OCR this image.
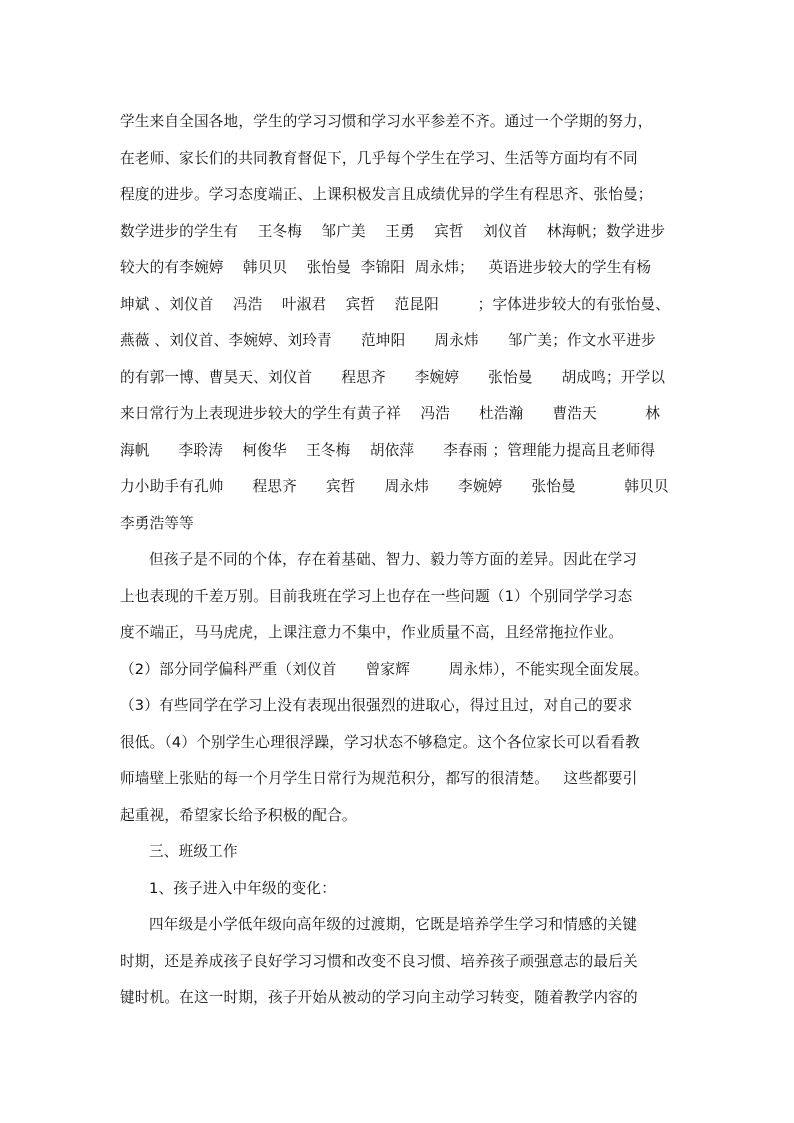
学生来自全国各地，学生的学习习惯和学习水平参差不齐。通过一个学期的努力，
在老师、家长们的共同教育督促下，几乎每个学生在学习、生活等方面均有不同
程度的进步。学习态度端正、上课积极发言且成绩优异的学生有程思齐、张怡曼；
数学进步的学生有    王冬梅    邹广美    王勇    宾哲    刘仪首    林海帆；数学进步
较大的有李婉婷    韩贝贝    张怡曼  李锦阳  周永炜；   英语进步较大的学生有杨
坤斌 、刘仪首    冯浩    叶淑君    宾哲    范昆阳        ；字体进步较大的有张怡曼、
燕薇 、刘仪首、李婉婷、刘玲青      范坤阳      周永炜      邹广美；作文水平进步
的有郭一博、曹昊天、刘仪首      程思齐      李婉婷      张怡曼      胡成鸣；开学以
来日常行为上表现进步较大的学生有黄子祥    冯浩      杜浩瀚      曹浩天          林
海帆      李聆涛    柯俊华    王冬梅    胡依萍      李春雨 ；管理能力提高且老师得
力小助手有孔帅      程思齐      宾哲      周永炜      李婉婷      张怡曼          韩贝贝
李勇浩等等
但孩子是不同的个体，存在着基础、智力、毅力等方面的差异。因此在学习
上也表现的千差万别。目前我班在学习上也存在一些问题（1）个别同学学习态
度不端正，马马虎虎，上课注意力不集中，作业质量不高，且经常拖拉作业。
（2）部分同学偏科严重（刘仪首      曾家辉        周永炜），不能实现全面发展。
（3）有些同学在学习上没有表现出很强烈的进取心，得过且过，对自己的要求
很低。（4）个别学生心理很浮躁，学习状态不够稳定。这个各位家长可以看看教
师墙壁上张贴的每一个月学生日常行为规范积分，都写的很清楚。   这些都要引
起重视，希望家长给予积极的配合。
三、班级工作
1、孩子进入中年级的变化：
四年级是小学低年级向高年级的过渡期，它既是培养学生学习和情感的关键
时期，还是养成孩子良好学习习惯和改变不良习惯、培养孩子顽强意志的最后关
键时机。在这一时期，孩子开始从被动的学习向主动学习转变，随着教学内容的
